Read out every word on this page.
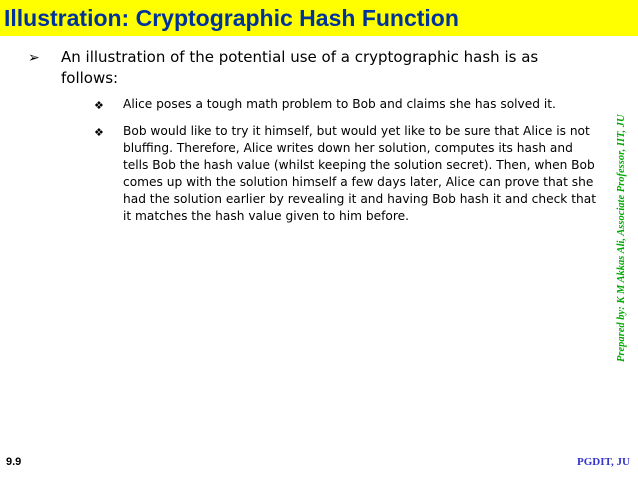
Illustration: Cryptographic Hash Function
➢ An illustration of the potential use of a cryptographic hash is as follows:
❖ Alice poses a tough math problem to Bob and claims she has solved it.
❖ Bob would like to try it himself, but would yet like to be sure that Alice is not bluffing. Therefore, Alice writes down her solution, computes its hash and tells Bob the hash value (whilst keeping the solution secret). Then, when Bob comes up with the solution himself a few days later, Alice can prove that she had the solution earlier by revealing it and having Bob hash it and check that it matches the hash value given to him before.	Prepared by: K M Akkas Ali, Associate Professor, IIT, JU
9.9	PGDIT, JU
